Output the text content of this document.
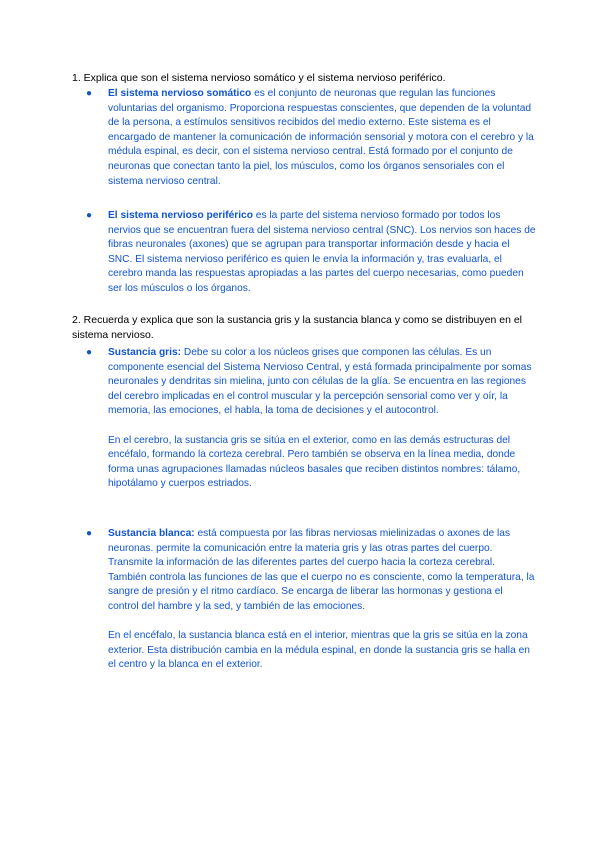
1. Explica que son el sistema nervioso somático y el sistema nervioso periférico.

●	El sistema nervioso somático es el conjunto de neuronas que regulan las funciones voluntarias del organismo. Proporciona respuestas conscientes, que dependen de la voluntad de la persona, a estímulos sensitivos recibidos del medio externo. Este sistema es el encargado de mantener la comunicación de información sensorial y motora con el cerebro y la médula espinal, es decir, con el sistema nervioso central. Está formado por el conjunto de neuronas que conectan tanto la piel, los músculos, como los órganos sensoriales con el sistema nervioso central.

●	El sistema nervioso periférico es la parte del sistema nervioso formado por todos los nervios que se encuentran fuera del sistema nervioso central (SNC). Los nervios son haces de fibras neuronales (axones) que se agrupan para transportar información desde y hacia el SNC. El sistema nervioso periférico es quien le envía la información y, tras evaluarla, el cerebro manda las respuestas apropiadas a las partes del cuerpo necesarias, como pueden ser los músculos o los órganos.

2. Recuerda y explica que son la sustancia gris y la sustancia blanca y como se distribuyen en el sistema nervioso.

●	Sustancia gris: Debe su color a los núcleos grises que componen las células. Es un componente esencial del Sistema Nervioso Central, y está formada principalmente por somas neuronales y dendritas sin mielina, junto con células de la glía. Se encuentra en las regiones del cerebro implicadas en el control muscular y la percepción sensorial como ver y oír, la memoria, las emociones, el habla, la toma de decisiones y el autocontrol.

En el cerebro, la sustancia gris se sitúa en el exterior, como en las demás estructuras del encéfalo, formando la corteza cerebral. Pero también se observa en la línea media, donde forma unas agrupaciones llamadas núcleos basales que reciben distintos nombres: tálamo, hipotálamo y cuerpos estriados.

●	Sustancia blanca: está compuesta por las fibras nerviosas mielinizadas o axones de las neuronas. permite la comunicación entre la materia gris y las otras partes del cuerpo. Transmite la información de las diferentes partes del cuerpo hacia la corteza cerebral. También controla las funciones de las que el cuerpo no es consciente, como la temperatura, la sangre de presión y el ritmo cardíaco. Se encarga de liberar las hormonas y gestiona el control del hambre y la sed, y también de las emociones.

En el encéfalo, la sustancia blanca está en el interior, mientras que la gris se sitúa en la zona exterior. Esta distribución cambia en la médula espinal, en donde la sustancia gris se halla en el centro y la blanca en el exterior.
